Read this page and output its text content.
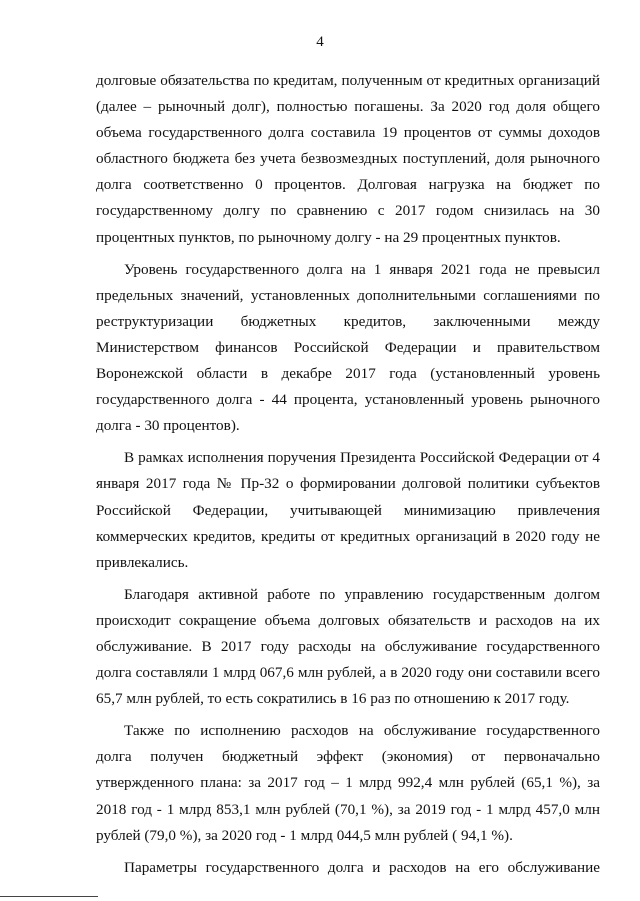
4

долговые обязательства по кредитам, полученным от кредитных организаций (далее – рыночный долг), полностью погашены. За 2020 год доля общего объема государственного долга составила 19 процентов от суммы доходов областного бюджета без учета безвозмездных поступлений, доля рыночного долга соответственно 0 процентов. Долговая нагрузка на бюджет по государственному долгу по сравнению с 2017 годом снизилась на 30 процентных пунктов, по рыночному долгу - на 29 процентных пунктов.

Уровень государственного долга на 1 января 2021 года не превысил предельных значений, установленных дополнительными соглашениями по реструктуризации бюджетных кредитов, заключенными между Министерством финансов Российской Федерации и правительством Воронежской области в декабре 2017 года (установленный уровень государственного долга - 44 процента, установленный уровень рыночного долга - 30 процентов).

В рамках исполнения поручения Президента Российской Федерации от 4 января 2017 года № Пр-32 о формировании долговой политики субъектов Российской Федерации, учитывающей минимизацию привлечения коммерческих кредитов, кредиты от кредитных организаций в 2020 году не привлекались.

Благодаря активной работе по управлению государственным долгом происходит сокращение объема долговых обязательств и расходов на их обслуживание. В 2017 году расходы на обслуживание государственного долга составляли 1 млрд 067,6 млн рублей, а в 2020 году они составили всего 65,7 млн рублей, то есть сократились в 16 раз по отношению к 2017 году.

Также по исполнению расходов на обслуживание государственного долга получен бюджетный эффект (экономия) от первоначально утвержденного плана: за 2017 год – 1 млрд 992,4 млн рублей (65,1 %), за 2018 год - 1 млрд 853,1 млн рублей (70,1 %), за 2019 год - 1 млрд 457,0 млн рублей (79,0 %), за 2020 год - 1 млрд 044,5 млн рублей ( 94,1 %).

Параметры государственного долга и расходов на его обслуживание
